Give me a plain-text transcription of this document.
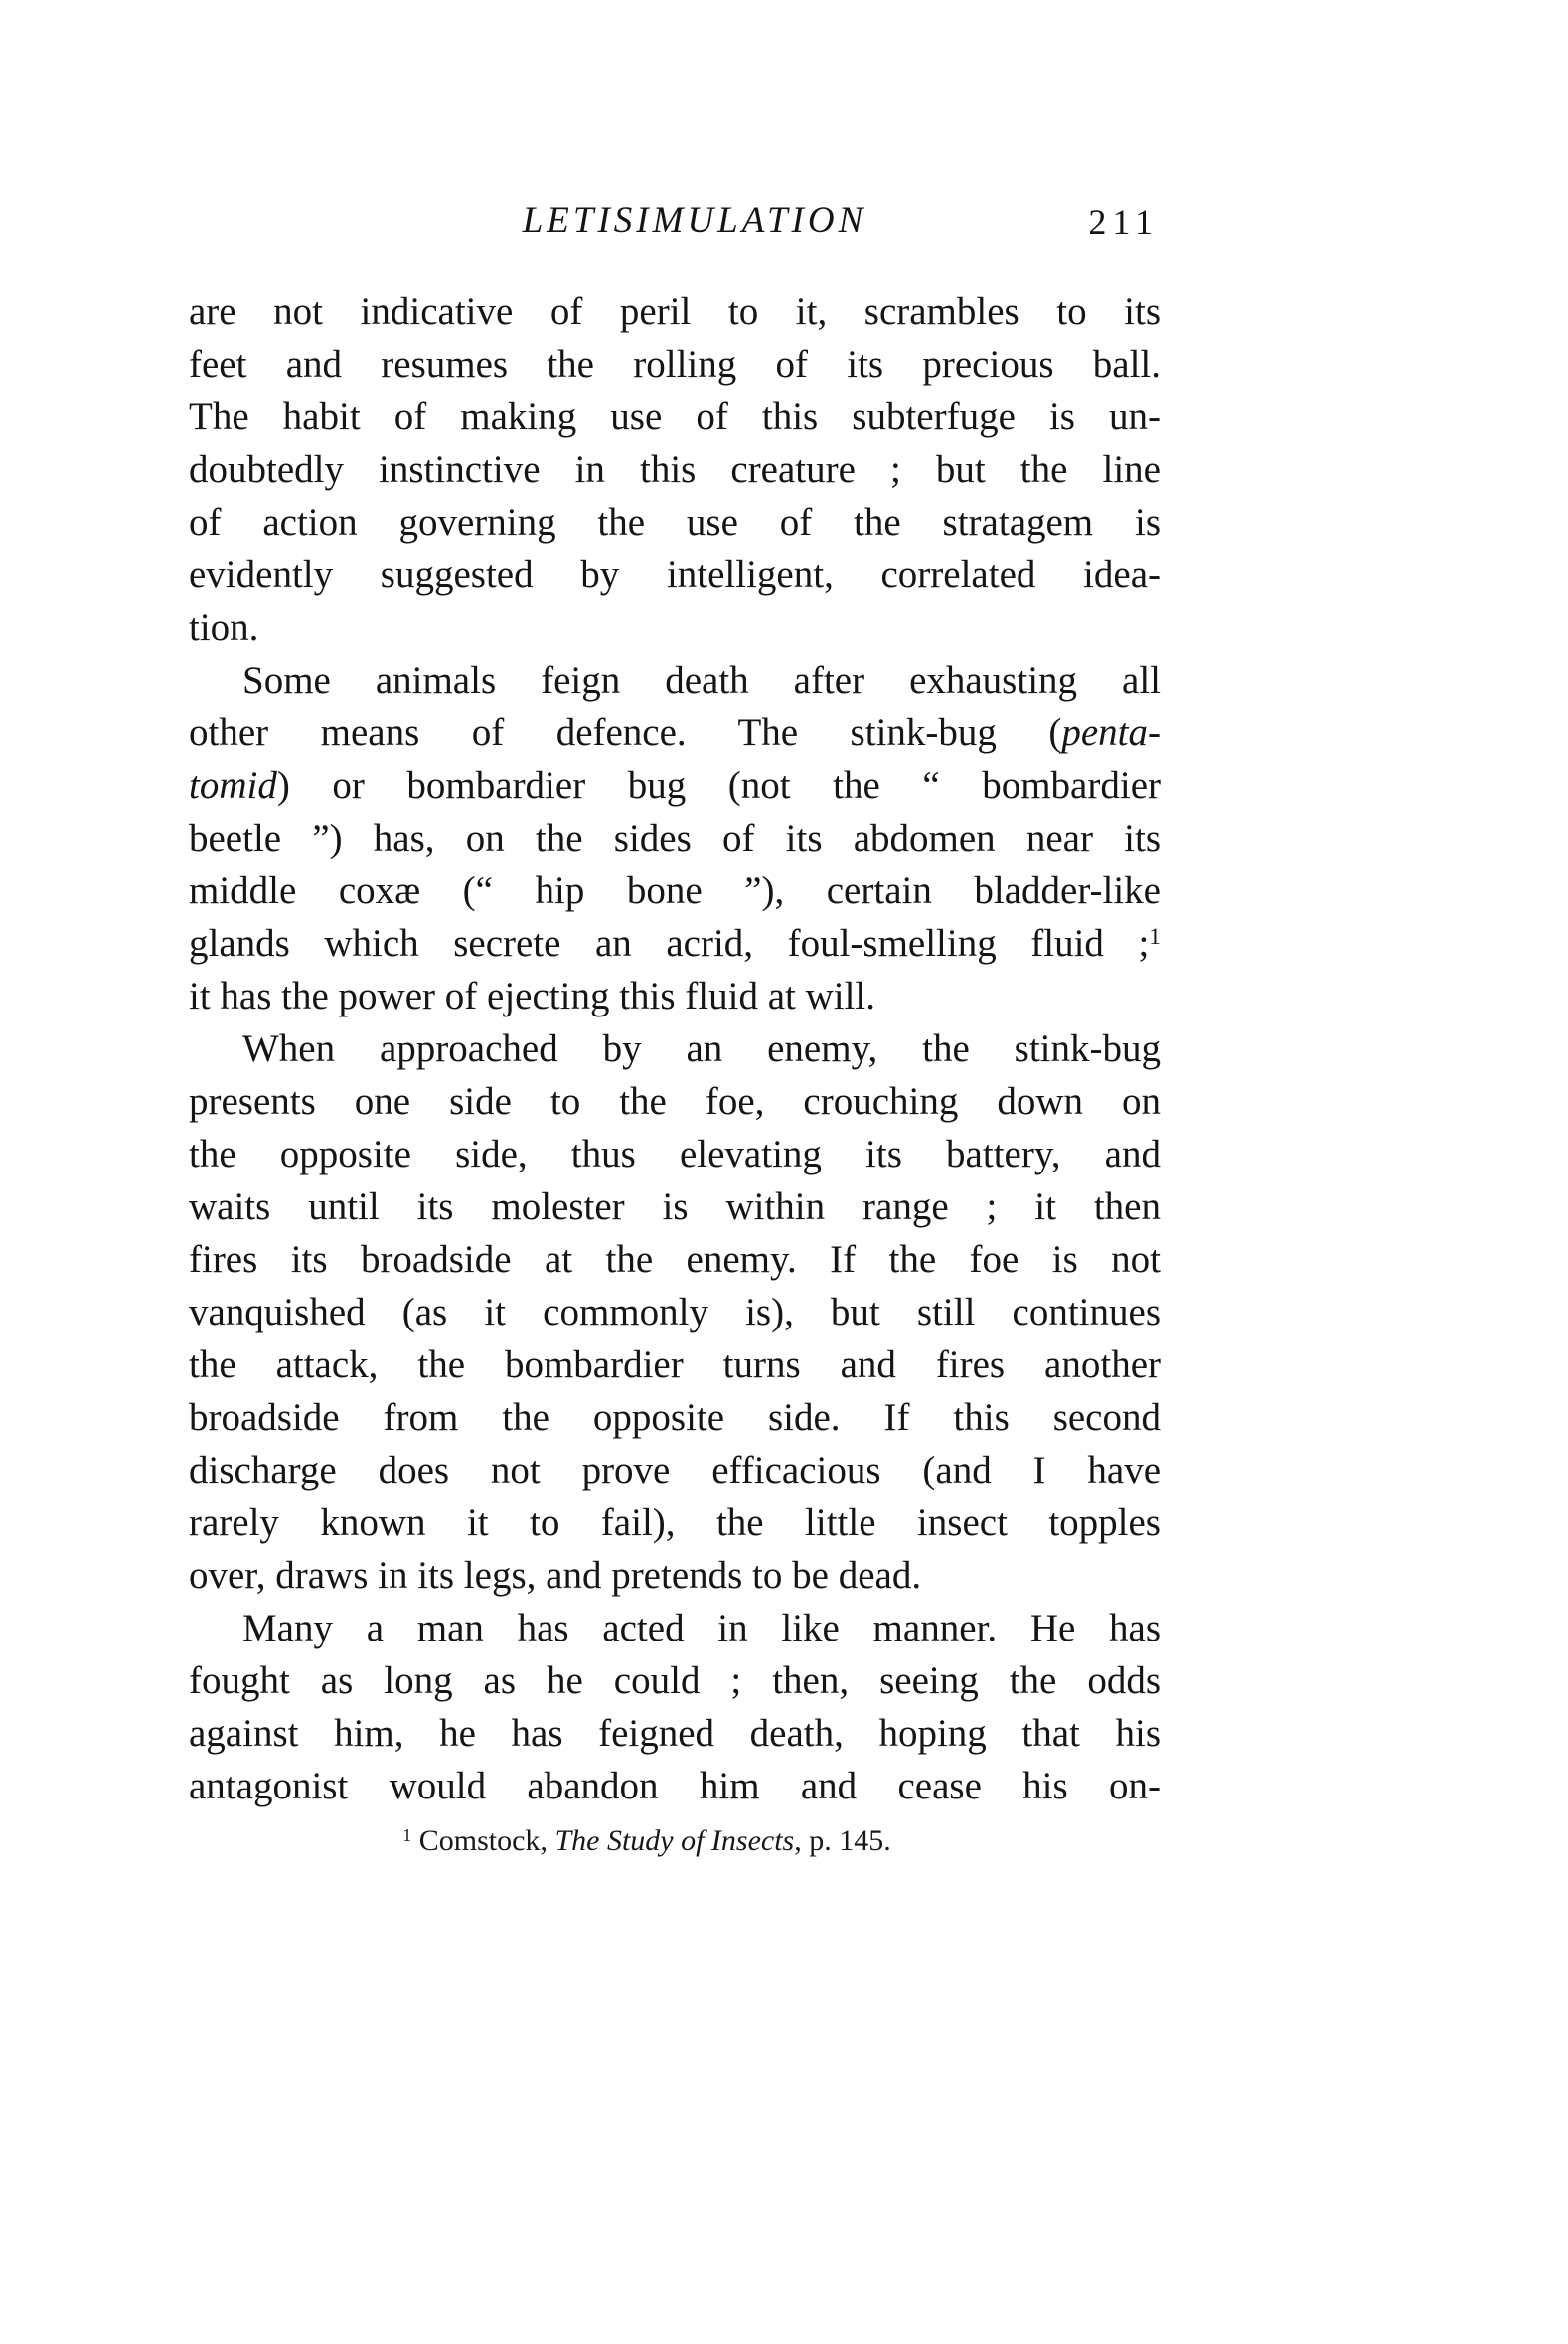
LETISIMULATION	211
are not indicative of peril to it, scrambles to its
feet and resumes the rolling of its precious ball.
The habit of making use of this subterfuge is un-
doubtedly instinctive in this creature ; but the line
of action governing the use of the stratagem is
evidently suggested by intelligent, correlated idea-
tion.
Some animals feign death after exhausting all
other means of defence. The stink-bug (penta-
tomid) or bombardier bug (not the “ bombardier
beetle ”) has, on the sides of its abdomen near its
middle coxæ (“ hip bone ”), certain bladder-like
glands which secrete an acrid, foul-smelling fluid ;$^1$
it has the power of ejecting this fluid at will.
When approached by an enemy, the stink-bug
presents one side to the foe, crouching down on
the opposite side, thus elevating its battery, and
waits until its molester is within range ; it then
fires its broadside at the enemy. If the foe is not
vanquished (as it commonly is), but still continues
the attack, the bombardier turns and fires another
broadside from the opposite side. If this second
discharge does not prove efficacious (and I have
rarely known it to fail), the little insect topples
over, draws in its legs, and pretends to be dead.
Many a man has acted in like manner. He has
fought as long as he could ; then, seeing the odds
against him, he has feigned death, hoping that his
antagonist would abandon him and cease his on-
$^1$ Comstock, The Study of Insects, p. 145.
